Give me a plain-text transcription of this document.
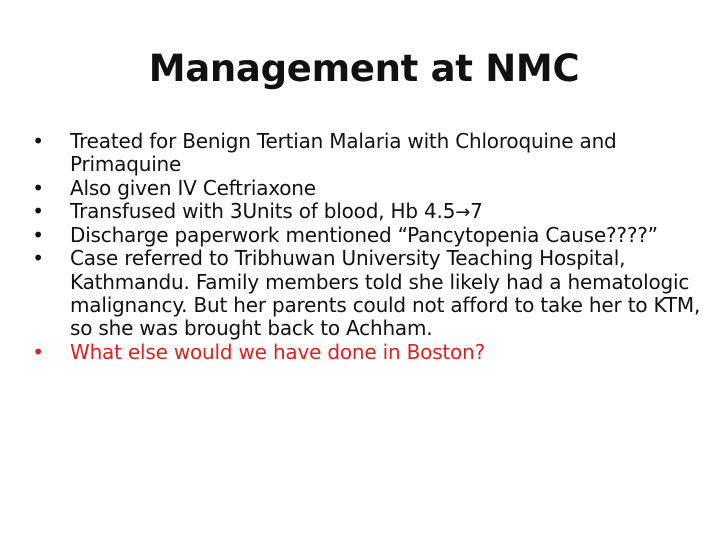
Management at NMC
• Treated for Benign Tertian Malaria with Chloroquine and Primaquine
• Also given IV Ceftriaxone
• Transfused with 3Units of blood, Hb 4.5→7
• Discharge paperwork mentioned “Pancytopenia Cause????”
• Case referred to Tribhuwan University Teaching Hospital, Kathmandu. Family members told she likely had a hematologic malignancy. But her parents could not afford to take her to KTM, so she was brought back to Achham.
• What else would we have done in Boston?
